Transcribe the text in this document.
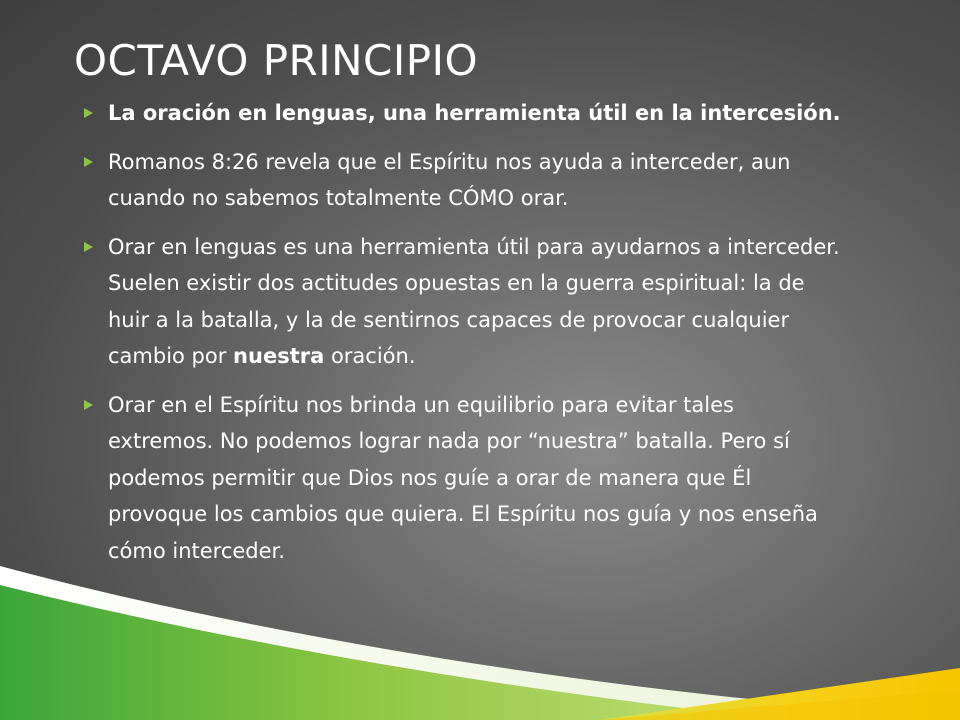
OCTAVO PRINCIPIO
La oración en lenguas, una herramienta útil en la intercesión.
Romanos 8:26 revela que el Espíritu nos ayuda a interceder, aun cuando no sabemos totalmente CÓMO orar.
Orar en lenguas es una herramienta útil para ayudarnos a interceder. Suelen existir dos actitudes opuestas en la guerra espiritual: la de huir a la batalla, y la de sentirnos capaces de provocar cualquier cambio por nuestra oración.
Orar en el Espíritu nos brinda un equilibrio para evitar tales extremos. No podemos lograr nada por “nuestra” batalla. Pero sí podemos permitir que Dios nos guíe a orar de manera que Él provoque los cambios que quiera. El Espíritu nos guía y nos enseña cómo interceder.
